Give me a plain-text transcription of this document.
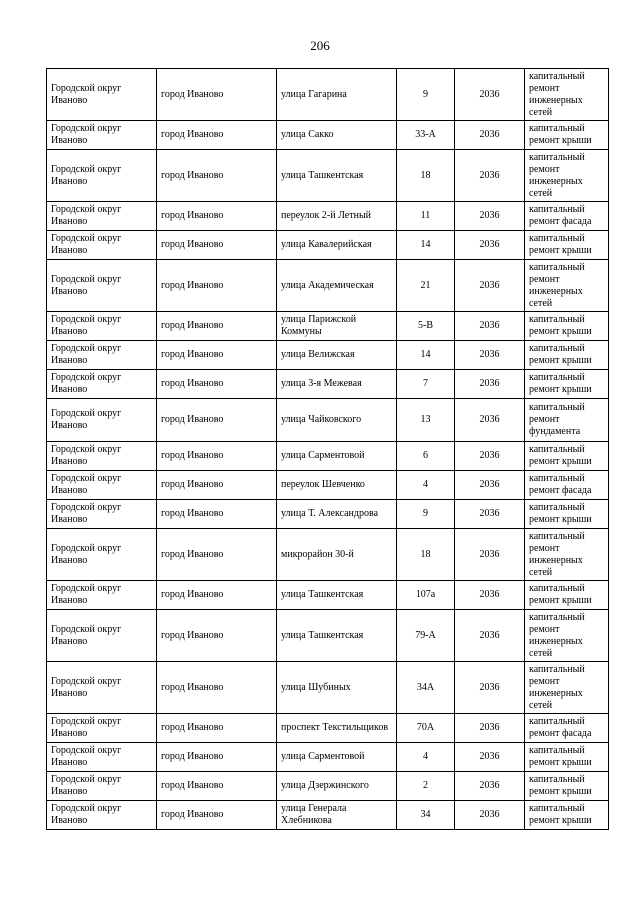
206
Городской округ Иваново	город Иваново	улица Гагарина	9	2036	капитальный ремонт инженерных сетей
Городской округ Иваново	город Иваново	улица Сакко	33-А	2036	капитальный ремонт крыши
Городской округ Иваново	город Иваново	улица Ташкентская	18	2036	капитальный ремонт инженерных сетей
Городской округ Иваново	город Иваново	переулок 2-й Летный	11	2036	капитальный ремонт фасада
Городской округ Иваново	город Иваново	улица Кавалерийская	14	2036	капитальный ремонт крыши
Городской округ Иваново	город Иваново	улица Академическая	21	2036	капитальный ремонт инженерных сетей
Городской округ Иваново	город Иваново	улица Парижской Коммуны	5-В	2036	капитальный ремонт крыши
Городской округ Иваново	город Иваново	улица Велижская	14	2036	капитальный ремонт крыши
Городской округ Иваново	город Иваново	улица 3-я Межевая	7	2036	капитальный ремонт крыши
Городской округ Иваново	город Иваново	улица Чайковского	13	2036	капитальный ремонт фундамента
Городской округ Иваново	город Иваново	улица Сарментовой	6	2036	капитальный ремонт крыши
Городской округ Иваново	город Иваново	переулок Шевченко	4	2036	капитальный ремонт фасада
Городской округ Иваново	город Иваново	улица Т. Александрова	9	2036	капитальный ремонт крыши
Городской округ Иваново	город Иваново	микрорайон 30-й	18	2036	капитальный ремонт инженерных сетей
Городской округ Иваново	город Иваново	улица Ташкентская	107а	2036	капитальный ремонт крыши
Городской округ Иваново	город Иваново	улица Ташкентская	79-А	2036	капитальный ремонт инженерных сетей
Городской округ Иваново	город Иваново	улица Шубиных	34А	2036	капитальный ремонт инженерных сетей
Городской округ Иваново	город Иваново	проспект Текстильщиков	70А	2036	капитальный ремонт фасада
Городской округ Иваново	город Иваново	улица Сарментовой	4	2036	капитальный ремонт крыши
Городской округ Иваново	город Иваново	улица Дзержинского	2	2036	капитальный ремонт крыши
Городской округ Иваново	город Иваново	улица Генерала Хлебникова	34	2036	капитальный ремонт крыши
